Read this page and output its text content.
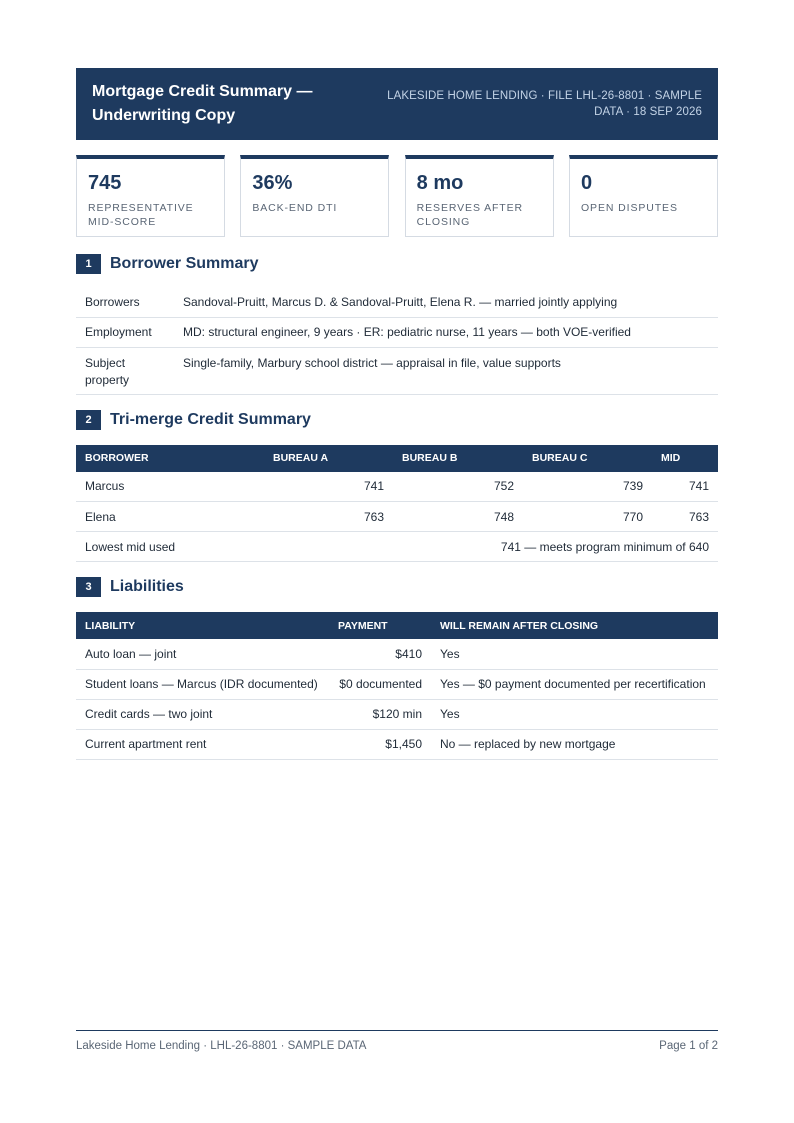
Mortgage Credit Summary — Underwriting Copy
LAKESIDE HOME LENDING · FILE LHL-26-8801 · SAMPLE DATA · 18 SEP 2026
745
REPRESENTATIVE MID-SCORE
36%
BACK-END DTI
8 mo
RESERVES AFTER CLOSING
0
OPEN DISPUTES
1	Borrower Summary
Borrowers	Sandoval-Pruitt, Marcus D. & Sandoval-Pruitt, Elena R. — married jointly applying
Employment	MD: structural engineer, 9 years · ER: pediatric nurse, 11 years — both VOE-verified
Subject property	Single-family, Marbury school district — appraisal in file, value supports
2	Tri-merge Credit Summary
BORROWER	BUREAU A	BUREAU B	BUREAU C	MID
Marcus	741	752	739	741
Elena	763	748	770	763
Lowest mid used	741 — meets program minimum of 640			
3	Liabilities
LIABILITY	PAYMENT	WILL REMAIN AFTER CLOSING
Auto loan — joint	$410	Yes
Student loans — Marcus (IDR documented)	$0 documented	Yes — $0 payment documented per recertification
Credit cards — two joint	$120 min	Yes
Current apartment rent	$1,450	No — replaced by new mortgage
Lakeside Home Lending · LHL-26-8801 · SAMPLE DATA	Page 1 of 2
